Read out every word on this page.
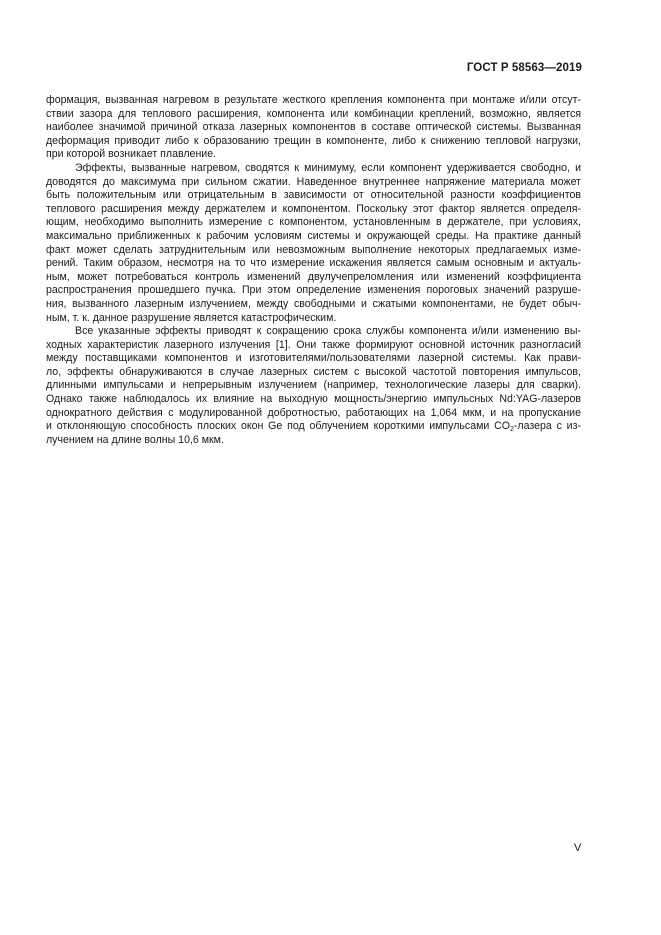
ГОСТ Р 58563—2019
формация, вызванная нагревом в результате жесткого крепления компонента при монтаже и/или отсут-
ствии зазора для теплового расширения, компонента или комбинации креплений, возможно, является
наиболее значимой причиной отказа лазерных компонентов в составе оптической системы. Вызванная
деформация приводит либо к образованию трещин в компоненте, либо к снижению тепловой нагрузки,
при которой возникает плавление.
Эффекты, вызванные нагревом, сводятся к минимуму, если компонент удерживается свободно, и
доводятся до максимума при сильном сжатии. Наведенное внутреннее напряжение материала может
быть положительным или отрицательным в зависимости от относительной разности коэффициентов
теплового расширения между держателем и компонентом. Поскольку этот фактор является определя-
ющим, необходимо выполнить измерение с компонентом, установленным в держателе, при условиях,
максимально приближенных к рабочим условиям системы и окружающей среды. На практике данный
факт может сделать затруднительным или невозможным выполнение некоторых предлагаемых изме-
рений. Таким образом, несмотря на то что измерение искажения является самым основным и актуаль-
ным, может потребоваться контроль изменений двулучепреломления или изменений коэффициента
распространения прошедшего пучка. При этом определение изменения пороговых значений разруше-
ния, вызванного лазерным излучением, между свободными и сжатыми компонентами, не будет обыч-
ным, т. к. данное разрушение является катастрофическим.
Все указанные эффекты приводят к сокращению срока службы компонента и/или изменению вы-
ходных характеристик лазерного излучения [1]. Они также формируют основной источник разногласий
между поставщиками компонентов и изготовителями/пользователями лазерной системы. Как прави-
ло, эффекты обнаруживаются в случае лазерных систем с высокой частотой повторения импульсов,
длинными импульсами и непрерывным излучением (например, технологические лазеры для сварки).
Однако также наблюдалось их влияние на выходную мощность/энергию импульсных Nd:YAG-лазеров
однократного действия с модулированной добротностью, работающих на 1,064 мкм, и на пропускание
и отклоняющую способность плоских окон Ge под облучением короткими импульсами $CO_2$-лазера с из-
лучением на длине волны 10,6 мкм.
V
